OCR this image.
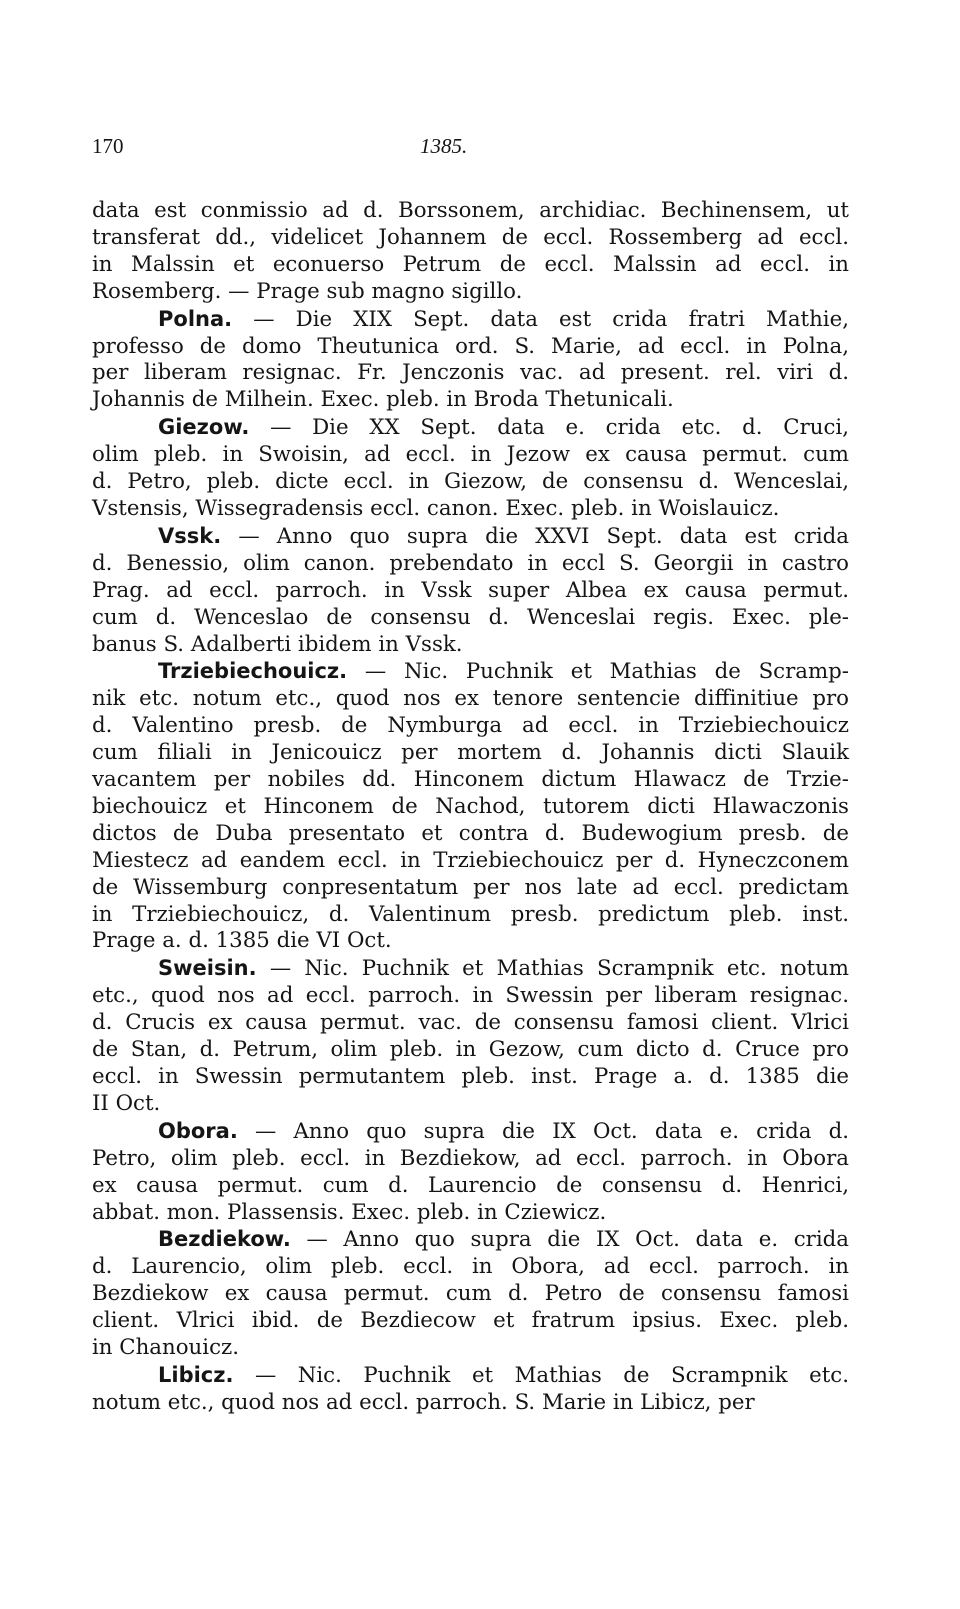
170	1385.
data est conmissio ad d. Borssonem, archidiac. Bechinensem, ut
transferat dd., videlicet Johannem de eccl. Rossemberg ad eccl.
in Malssin et econuerso Petrum de eccl. Malssin ad eccl. in
Rosemberg. — Prage sub magno sigillo.
Polna. — Die XIX Sept. data est crida fratri Mathie,
professo de domo Theutunica ord. S. Marie, ad eccl. in Polna,
per liberam resignac. Fr. Jenczonis vac. ad present. rel. viri d.
Johannis de Milhein. Exec. pleb. in Broda Thetunicali.
Giezow. — Die XX Sept. data e. crida etc. d. Cruci,
olim pleb. in Swoisin, ad eccl. in Jezow ex causa permut. cum
d. Petro, pleb. dicte eccl. in Giezow, de consensu d. Wenceslai,
Vstensis, Wissegradensis eccl. canon. Exec. pleb. in Woislauicz.
Vssk. — Anno quo supra die XXVI Sept. data est crida
d. Benessio, olim canon. prebendato in eccl S. Georgii in castro
Prag. ad eccl. parroch. in Vssk super Albea ex causa permut.
cum d. Wenceslao de consensu d. Wenceslai regis. Exec. ple-
banus S. Adalberti ibidem in Vssk.
Trziebiechouicz. — Nic. Puchnik et Mathias de Scramp-
nik etc. notum etc., quod nos ex tenore sentencie diffinitiue pro
d. Valentino presb. de Nymburga ad eccl. in Trziebiechouicz
cum filiali in Jenicouicz per mortem d. Johannis dicti Slauik
vacantem per nobiles dd. Hinconem dictum Hlawacz de Trzie-
biechouicz et Hinconem de Nachod, tutorem dicti Hlawaczonis
dictos de Duba presentato et contra d. Budewogium presb. de
Miestecz ad eandem eccl. in Trziebiechouicz per d. Hyneczconem
de Wissemburg conpresentatum per nos late ad eccl. predictam
in Trziebiechouicz, d. Valentinum presb. predictum pleb. inst.
Prage a. d. 1385 die VI Oct.
Sweisin. — Nic. Puchnik et Mathias Scrampnik etc. notum
etc., quod nos ad eccl. parroch. in Swessin per liberam resignac.
d. Crucis ex causa permut. vac. de consensu famosi client. Vlrici
de Stan, d. Petrum, olim pleb. in Gezow, cum dicto d. Cruce pro
eccl. in Swessin permutantem pleb. inst. Prage a. d. 1385 die
II Oct.
Obora. — Anno quo supra die IX Oct. data e. crida d.
Petro, olim pleb. eccl. in Bezdiekow, ad eccl. parroch. in Obora
ex causa permut. cum d. Laurencio de consensu d. Henrici,
abbat. mon. Plassensis. Exec. pleb. in Cziewicz.
Bezdiekow. — Anno quo supra die IX Oct. data e. crida
d. Laurencio, olim pleb. eccl. in Obora, ad eccl. parroch. in
Bezdiekow ex causa permut. cum d. Petro de consensu famosi
client. Vlrici ibid. de Bezdiecow et fratrum ipsius. Exec. pleb.
in Chanouicz.
Libicz. — Nic. Puchnik et Mathias de Scrampnik etc.
notum etc., quod nos ad eccl. parroch. S. Marie in Libicz, per
